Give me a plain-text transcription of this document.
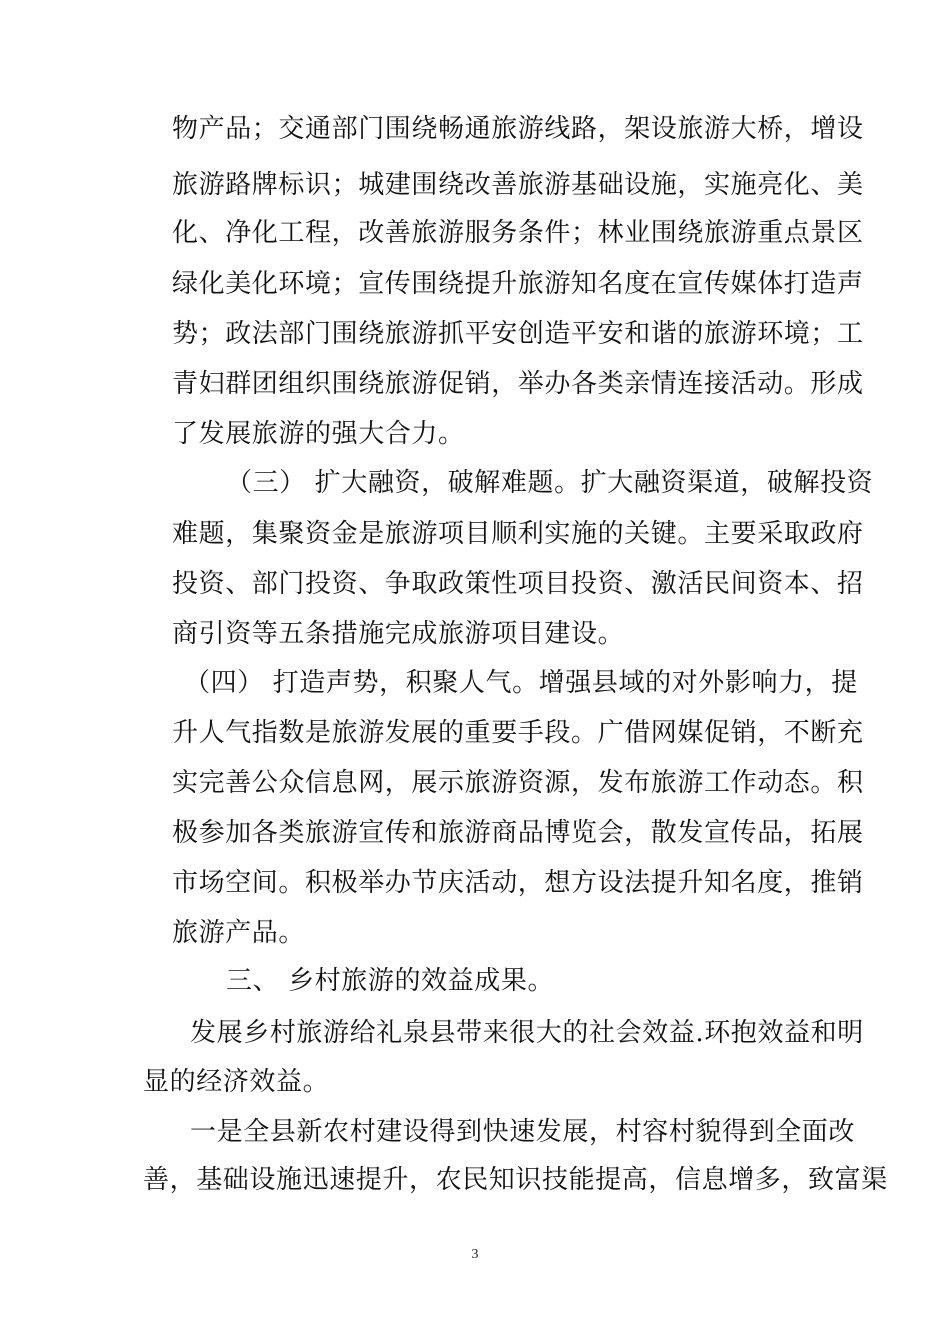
物产品；交通部门围绕畅通旅游线路，架设旅游大桥，增设
旅游路牌标识；城建围绕改善旅游基础设施，实施亮化、美
化、净化工程，改善旅游服务条件；林业围绕旅游重点景区
绿化美化环境；宣传围绕提升旅游知名度在宣传媒体打造声
势；政法部门围绕旅游抓平安创造平安和谐的旅游环境；工
青妇群团组织围绕旅游促销，举办各类亲情连接活动。形成
了发展旅游的强大合力。
（三） 扩大融资，破解难题。扩大融资渠道，破解投资
难题，集聚资金是旅游项目顺利实施的关键。主要采取政府
投资、部门投资、争取政策性项目投资、激活民间资本、招
商引资等五条措施完成旅游项目建设。
（四） 打造声势，积聚人气。增强县域的对外影响力，提
升人气指数是旅游发展的重要手段。广借网媒促销，不断充
实完善公众信息网，展示旅游资源，发布旅游工作动态。积
极参加各类旅游宣传和旅游商品博览会，散发宣传品，拓展
市场空间。积极举办节庆活动，想方设法提升知名度，推销
旅游产品。
三、 乡村旅游的效益成果。
发展乡村旅游给礼泉县带来很大的社会效益.环抱效益和明
显的经济效益。
一是全县新农村建设得到快速发展，村容村貌得到全面改
善，基础设施迅速提升，农民知识技能提高，信息增多，致富渠
3
